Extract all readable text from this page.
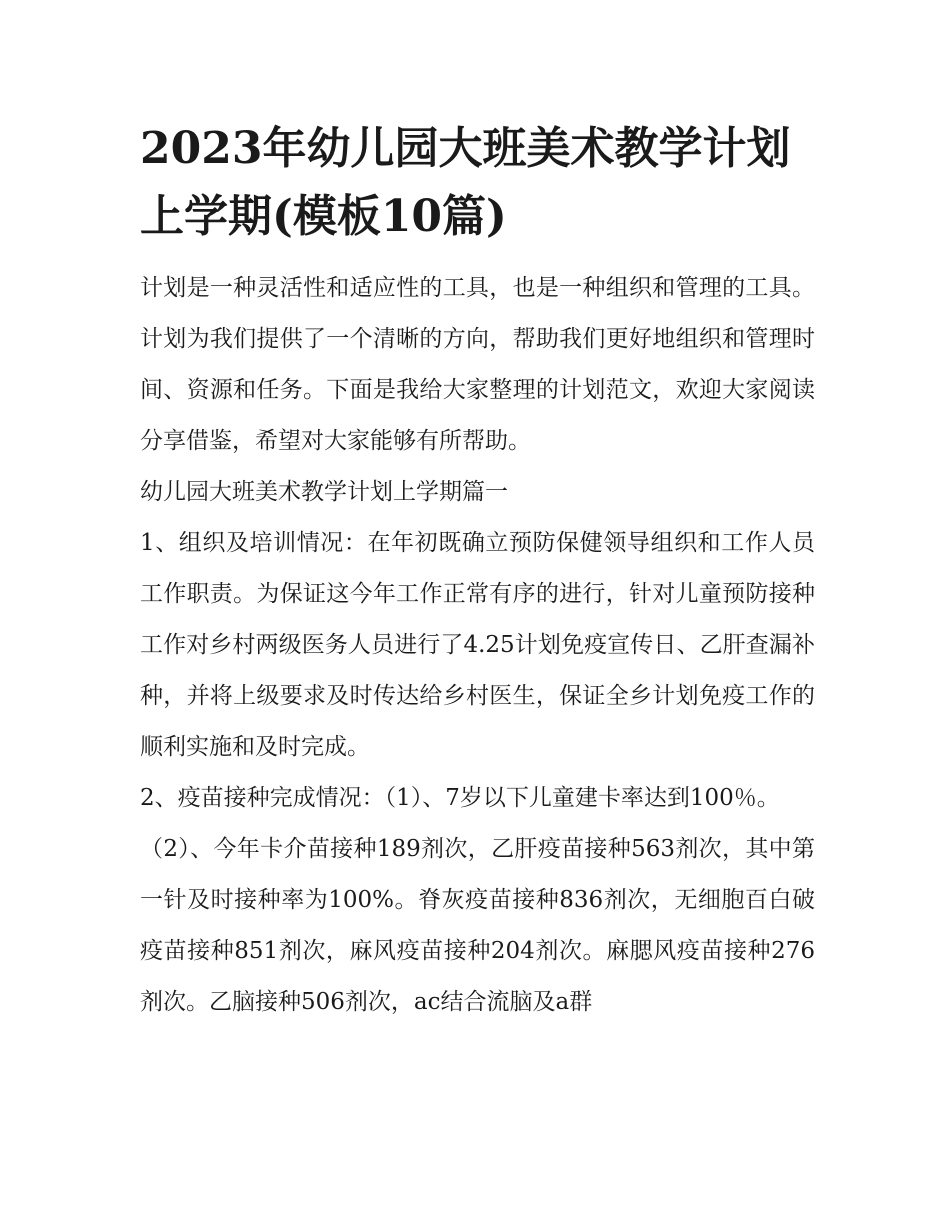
2023年幼儿园大班美术教学计划上学期(模板10篇)

计划是一种灵活性和适应性的工具，也是一种组织和管理的工具。计划为我们提供了一个清晰的方向，帮助我们更好地组织和管理时间、资源和任务。下面是我给大家整理的计划范文，欢迎大家阅读分享借鉴，希望对大家能够有所帮助。

幼儿园大班美术教学计划上学期篇一

1、组织及培训情况：在年初既确立预防保健领导组织和工作人员工作职责。为保证这今年工作正常有序的进行，针对儿童预防接种工作对乡村两级医务人员进行了4.25计划免疫宣传日、乙肝查漏补种，并将上级要求及时传达给乡村医生，保证全乡计划免疫工作的顺利实施和及时完成。

2、疫苗接种完成情况：（1）、7岁以下儿童建卡率达到100％。

（2）、今年卡介苗接种189剂次，乙肝疫苗接种563剂次，其中第一针及时接种率为100%。脊灰疫苗接种836剂次，无细胞百白破疫苗接种851剂次，麻风疫苗接种204剂次。麻腮风疫苗接种276剂次。乙脑接种506剂次，ac结合流脑及a群
